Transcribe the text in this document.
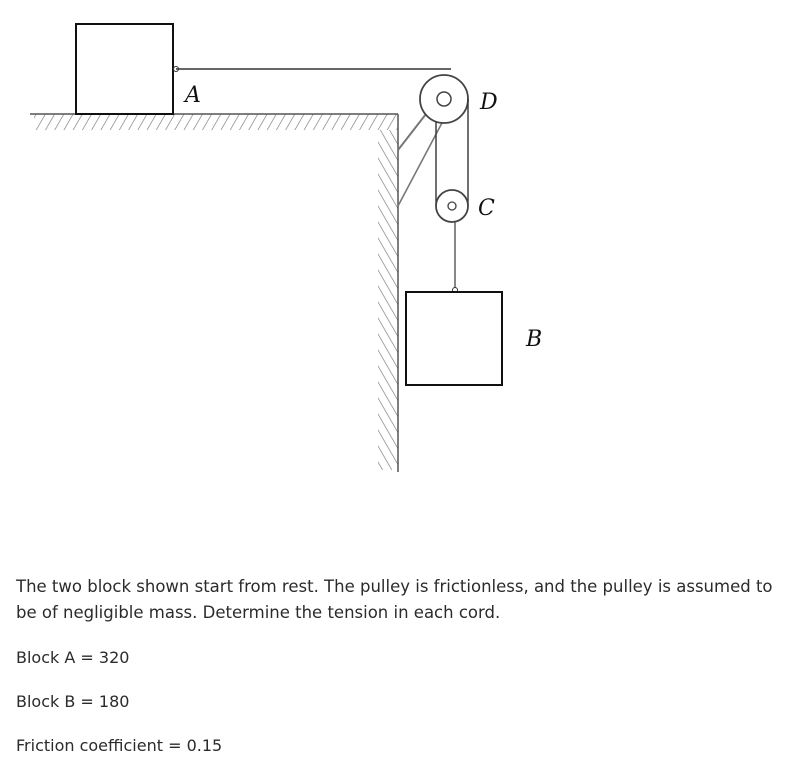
A	D
C
B
The two block shown start from rest. The pulley is frictionless, and the pulley is assumed to be of negligible mass. Determine the tension in each cord.
Block A = 320
Block B = 180
Friction coefficient = 0.15
